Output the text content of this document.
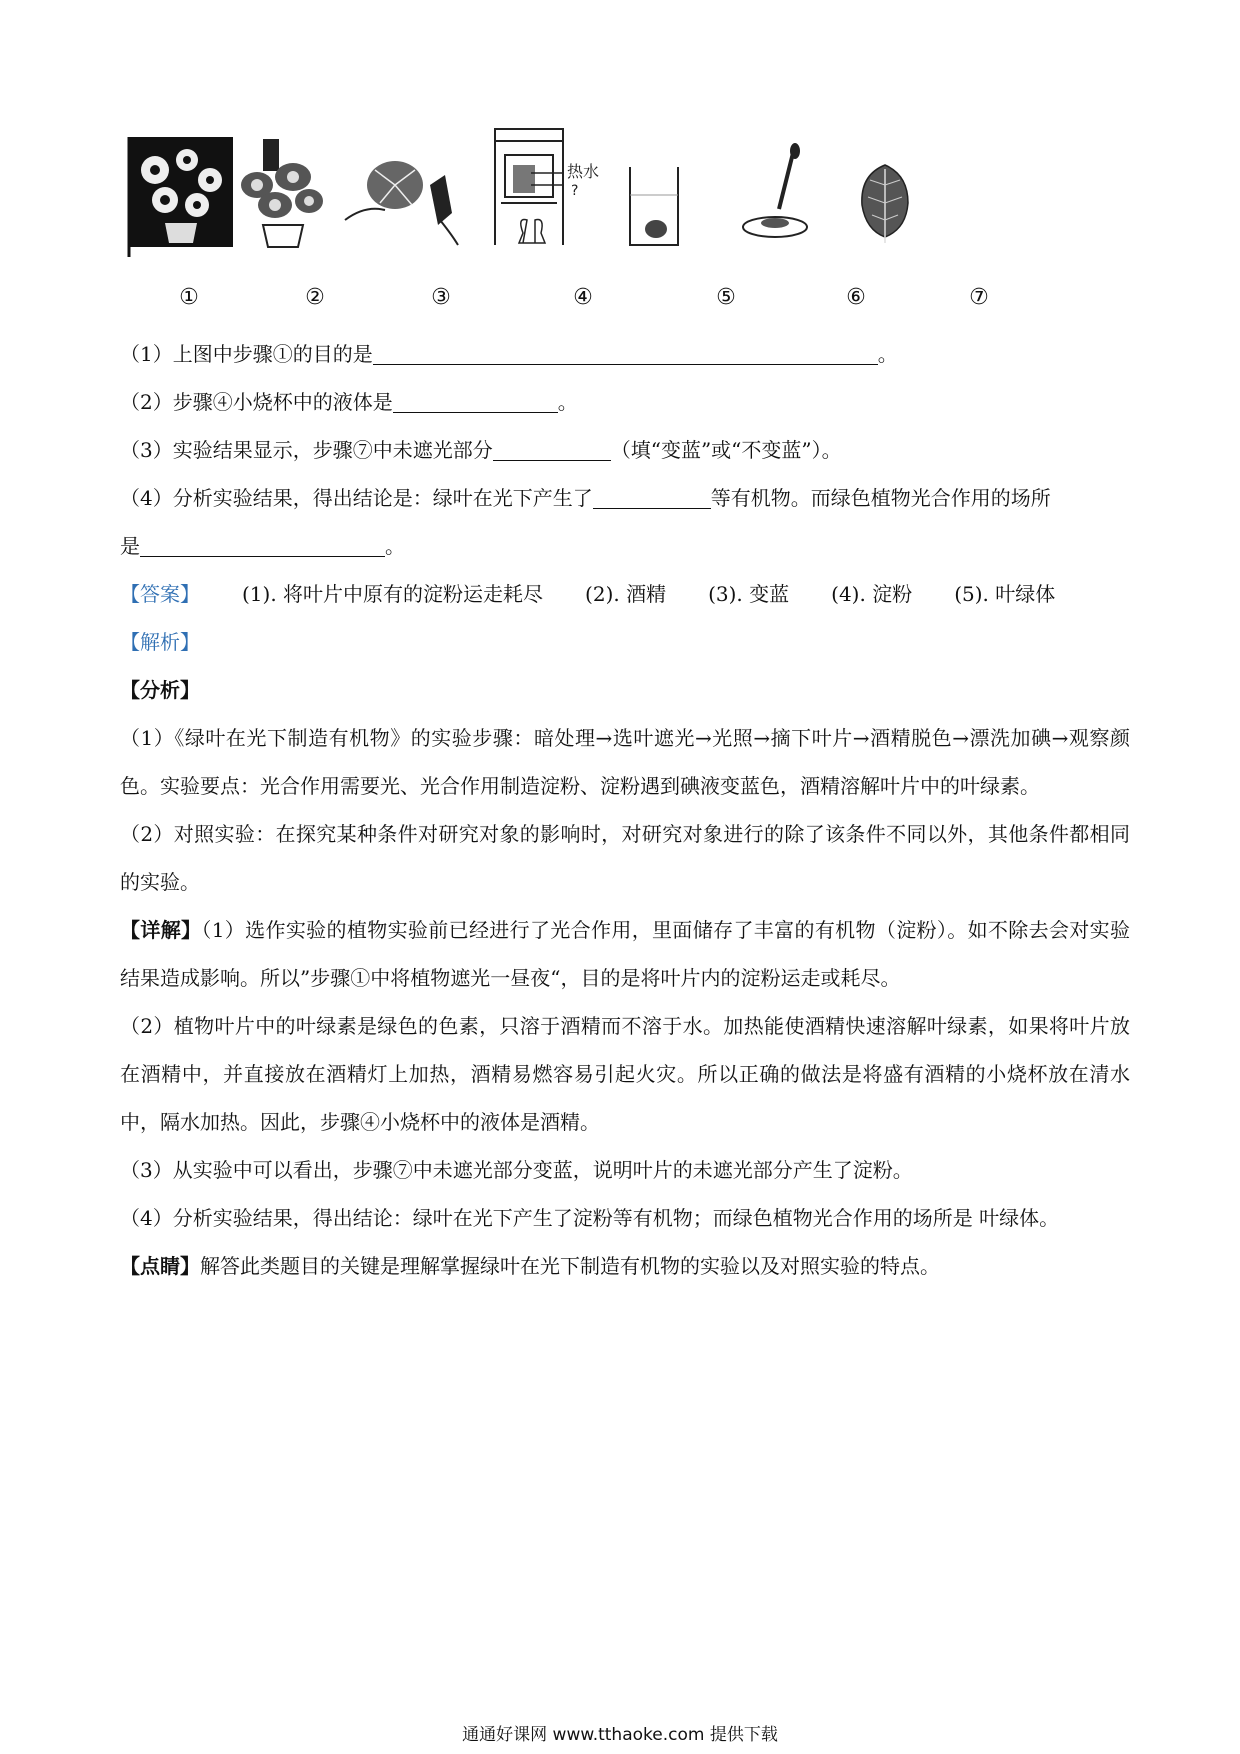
热水
?
①	②	③	④	⑤	⑥	⑦

（1）上图中步骤①的目的是	。

（2）步骤④小烧杯中的液体是	。

（3）实验结果显示，步骤⑦中未遮光部分	（填“变蓝”或“不变蓝”）。

（4）分析实验结果，得出结论是：绿叶在光下产生了	等有机物。而绿色植物光合作用的场所

是	。

【答案】 (1). 将叶片中原有的淀粉运走耗尽 (2). 酒精 (3). 变蓝 (4). 淀粉 (5). 叶绿体

【解析】

【分析】

（1）《绿叶在光下制造有机物》的实验步骤：暗处理→选叶遮光→光照→摘下叶片→酒精脱色→漂洗加碘→观察颜色。实验要点：光合作用需要光、光合作用制造淀粉、淀粉遇到碘液变蓝色，酒精溶解叶片中的叶绿素。

（2）对照实验：在探究某种条件对研究对象的影响时，对研究对象进行的除了该条件不同以外，其他条件都相同的实验。

【详解】（1）选作实验的植物实验前已经进行了光合作用，里面储存了丰富的有机物（淀粉）。如不除去会对实验结果造成影响。所以”步骤①中将植物遮光一昼夜“，目的是将叶片内的淀粉运走或耗尽。

（2）植物叶片中的叶绿素是绿色的色素，只溶于酒精而不溶于水。加热能使酒精快速溶解叶绿素，如果将叶片放在酒精中，并直接放在酒精灯上加热，酒精易燃容易引起火灾。所以正确的做法是将盛有酒精的小烧杯放在清水中，隔水加热。因此，步骤④小烧杯中的液体是酒精。

（3）从实验中可以看出，步骤⑦中未遮光部分变蓝，说明叶片的未遮光部分产生了淀粉。

（4）分析实验结果，得出结论：绿叶在光下产生了淀粉等有机物；而绿色植物光合作用的场所是 叶绿体。

【点睛】解答此类题目的关键是理解掌握绿叶在光下制造有机物的实验以及对照实验的特点。

通通好课网 www.tthaoke.com 提供下载
